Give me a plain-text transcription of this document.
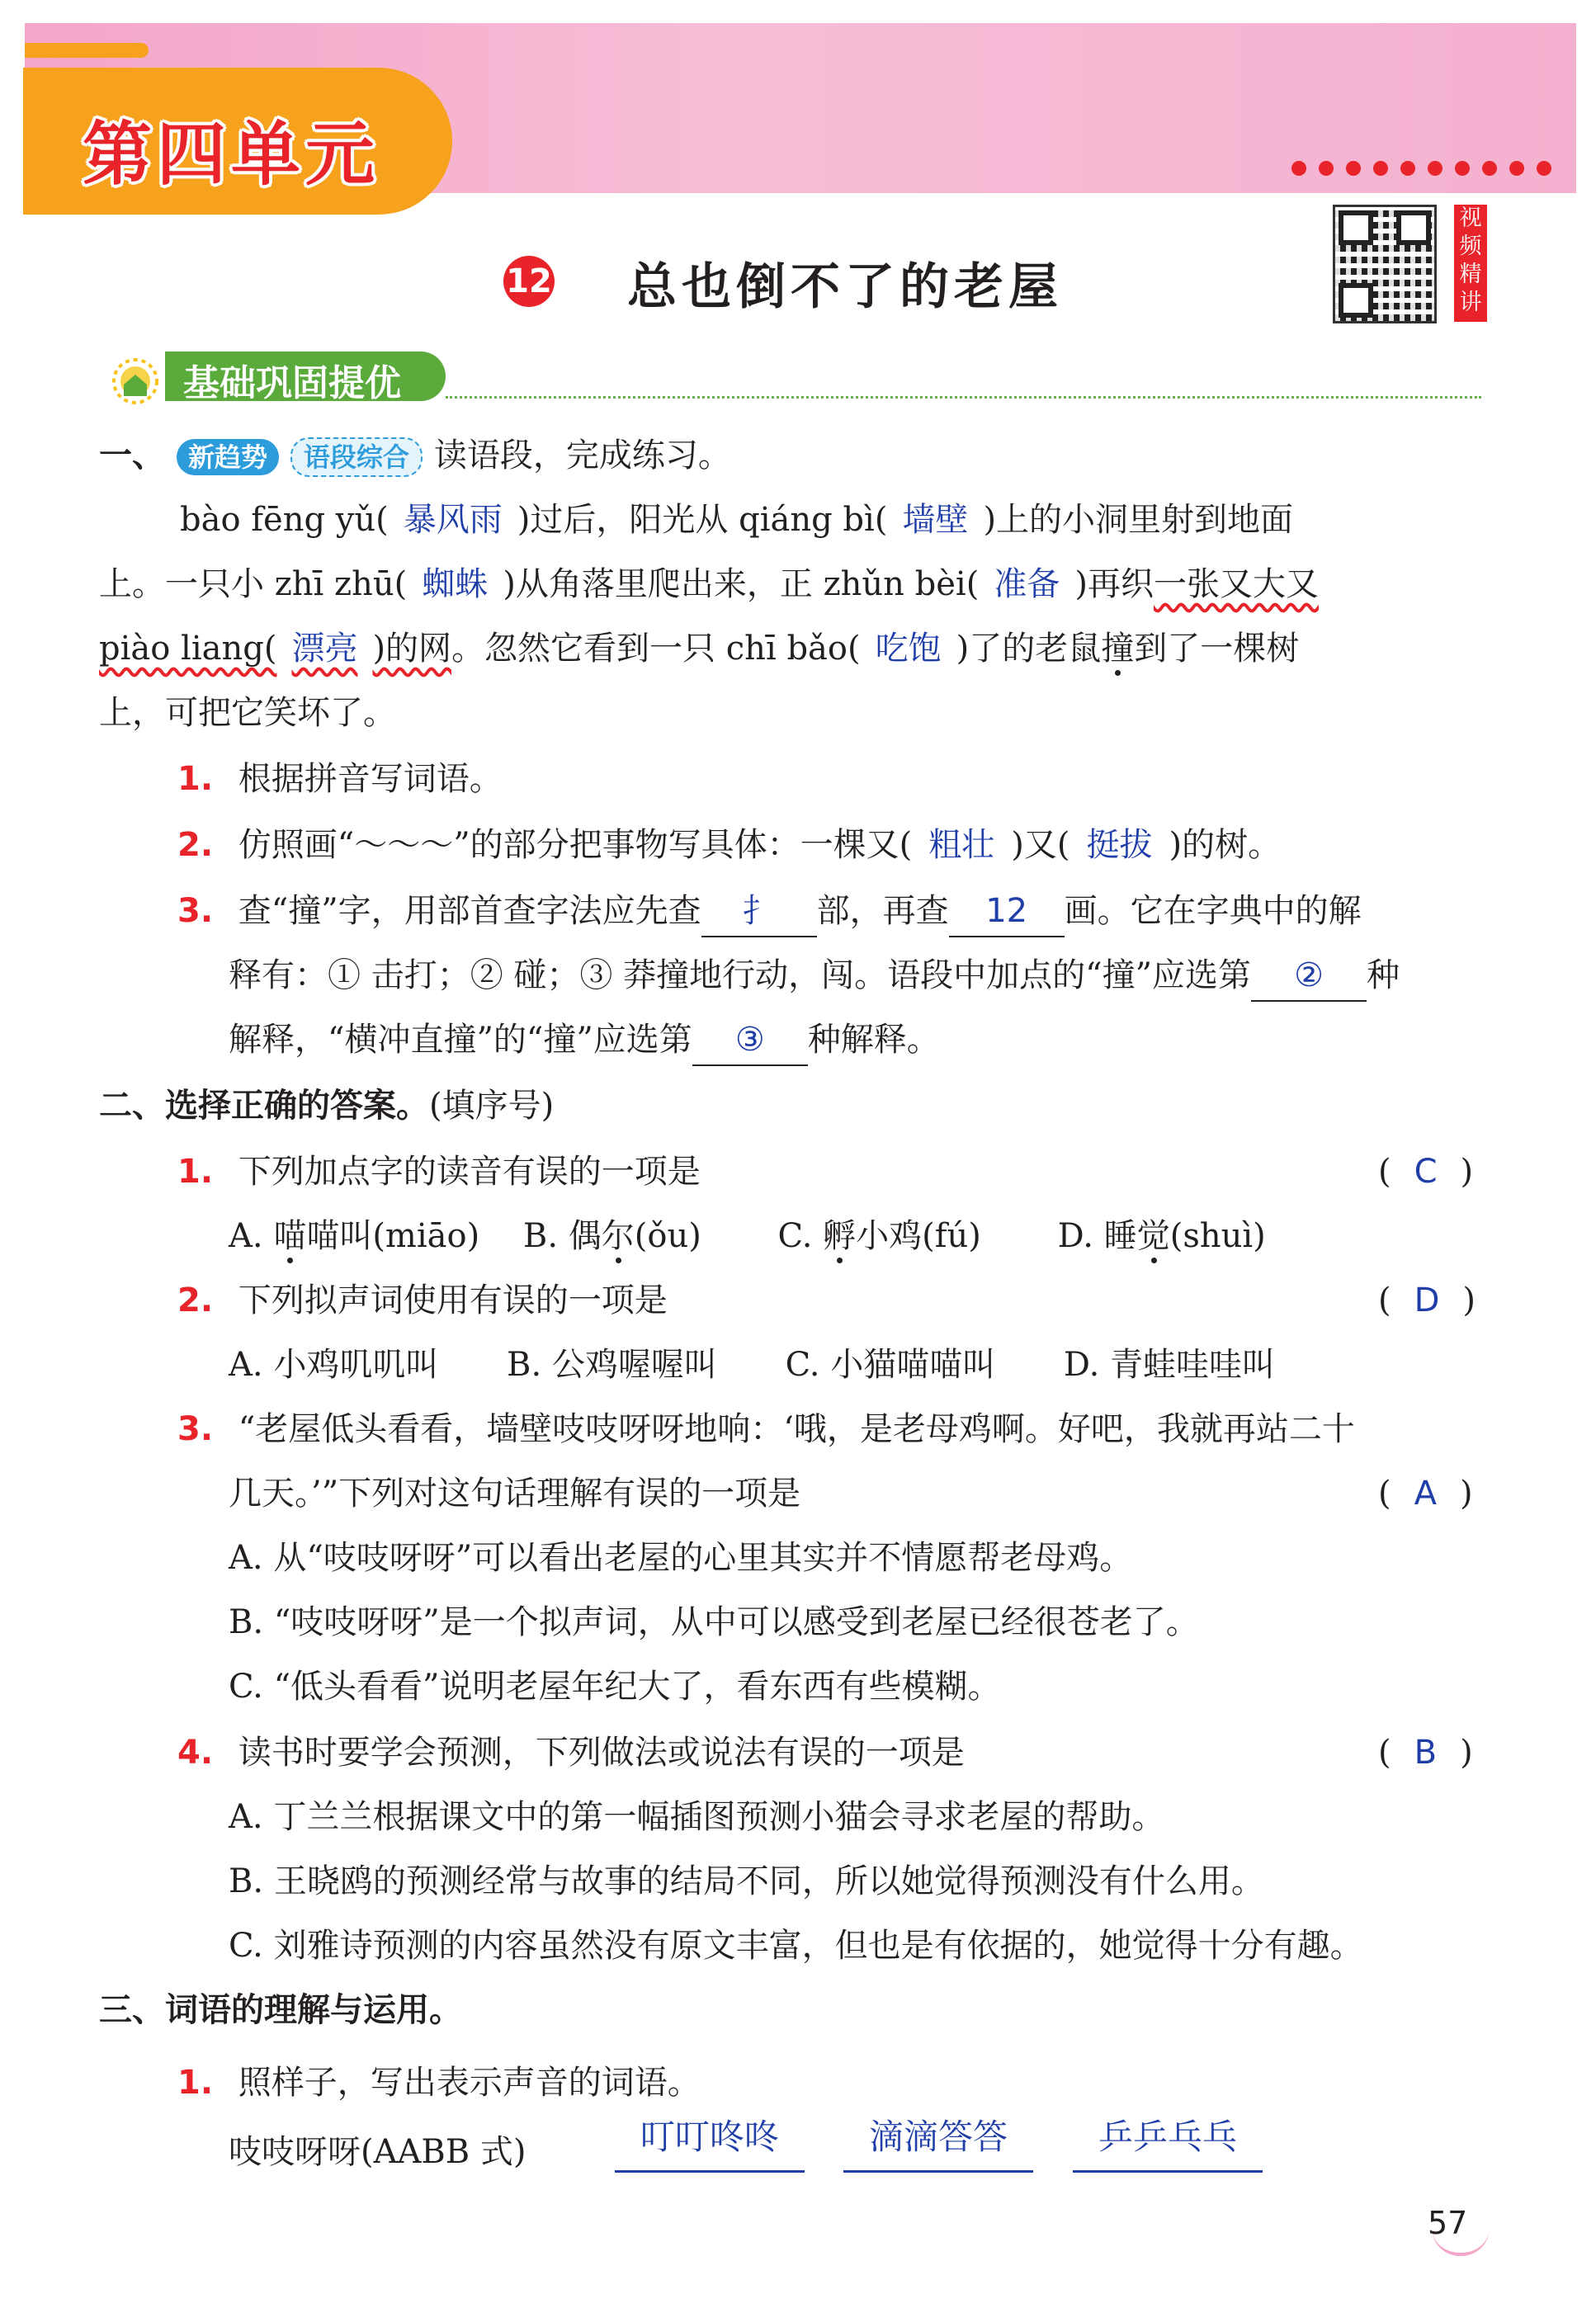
第四单元
12 总也倒不了的老屋
视
频
精
讲
基础巩固提优
一、 新趋势 语段综合 读语段，完成练习。
bào fēng yǔ( 暴风雨 )过后，阳光从 qiáng bì( 墙壁 )上的小洞里射到地面
上。一只小 zhī zhū( 蜘蛛 )从角落里爬出来，正 zhǔn bèi( 准备 )再织一张又大又
piào liang( 漂亮 )的网。忽然它看到一只 chī bǎo( 吃饱 )了的老鼠撞到了一棵树
上，可把它笑坏了。
1. 根据拼音写词语。
2. 仿照画“～～～”的部分把事物写具体：一棵又( 粗壮 )又( 挺拔 )的树。
3. 查“撞”字，用部首查字法应先查 扌 部，再查 12 画。它在字典中的解
释有：① 击打；② 碰；③ 莽撞地行动，闯。语段中加点的“撞”应选第 ② 种
解释，“横冲直撞”的“撞”应选第 ③ 种解释。
二、选择正确的答案。(填序号)
1. 下列加点字的读音有误的一项是	( C )
A. 喵喵叫(miāo) B. 偶尔(ǒu) C. 孵小鸡(fú) D. 睡觉(shuì)
2. 下列拟声词使用有误的一项是	( D )
A. 小鸡叽叽叫 B. 公鸡喔喔叫 C. 小猫喵喵叫 D. 青蛙哇哇叫
3. “老屋低头看看，墙壁吱吱呀呀地响：‘哦，是老母鸡啊。好吧，我就再站二十
几天。’”下列对这句话理解有误的一项是	( A )
A. 从“吱吱呀呀”可以看出老屋的心里其实并不情愿帮老母鸡。
B. “吱吱呀呀”是一个拟声词，从中可以感受到老屋已经很苍老了。
C. “低头看看”说明老屋年纪大了，看东西有些模糊。
4. 读书时要学会预测，下列做法或说法有误的一项是	( B )
A. 丁兰兰根据课文中的第一幅插图预测小猫会寻求老屋的帮助。
B. 王晓鸥的预测经常与故事的结局不同，所以她觉得预测没有什么用。
C. 刘雅诗预测的内容虽然没有原文丰富，但也是有依据的，她觉得十分有趣。
三、词语的理解与运用。
1. 照样子，写出表示声音的词语。
吱吱呀呀(AABB 式)	叮叮咚咚	滴滴答答	乒乒乓乓
57
